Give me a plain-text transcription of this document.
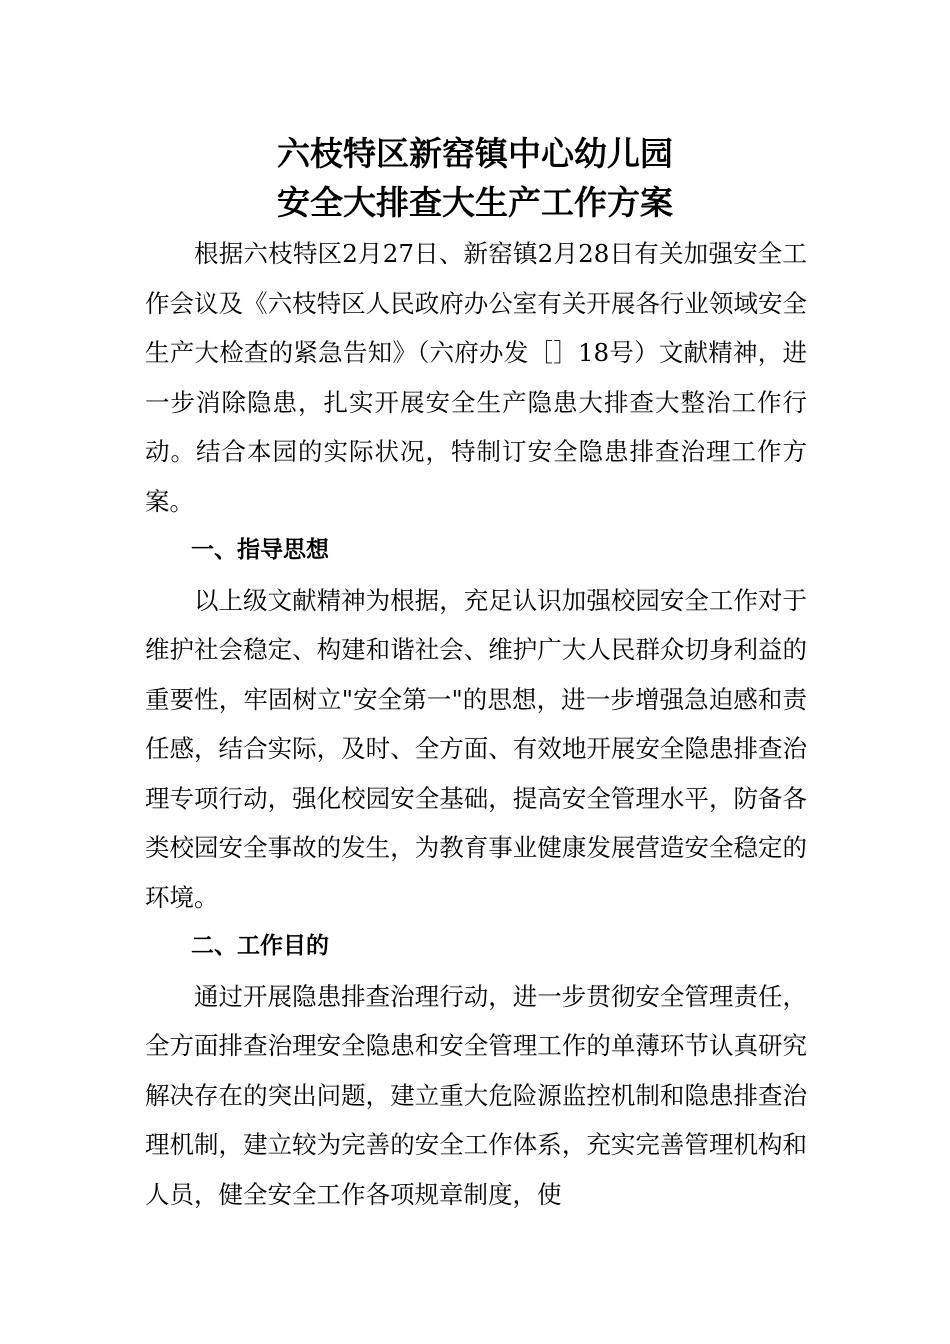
六枝特区新窑镇中心幼儿园
安全大排查大生产工作方案

根据六枝特区2月27日、新窑镇2月28日有关加强安全工作会议及《六枝特区人民政府办公室有关开展各行业领域安全生产大检查的紧急告知》（六府办发［］18号）文献精神，进一步消除隐患，扎实开展安全生产隐患大排查大整治工作行动。结合本园的实际状况，特制订安全隐患排查治理工作方案。

一、指导思想

以上级文献精神为根据，充足认识加强校园安全工作对于维护社会稳定、构建和谐社会、维护广大人民群众切身利益的重要性，牢固树立"安全第一"的思想，进一步增强急迫感和责任感，结合实际，及时、全方面、有效地开展安全隐患排查治理专项行动，强化校园安全基础，提高安全管理水平，防备各类校园安全事故的发生，为教育事业健康发展营造安全稳定的环境。

二、工作目的

通过开展隐患排查治理行动，进一步贯彻安全管理责任，全方面排查治理安全隐患和安全管理工作的单薄环节认真研究解决存在的突出问题，建立重大危险源监控机制和隐患排查治理机制，建立较为完善的安全工作体系，充实完善管理机构和人员，健全安全工作各项规章制度，使
